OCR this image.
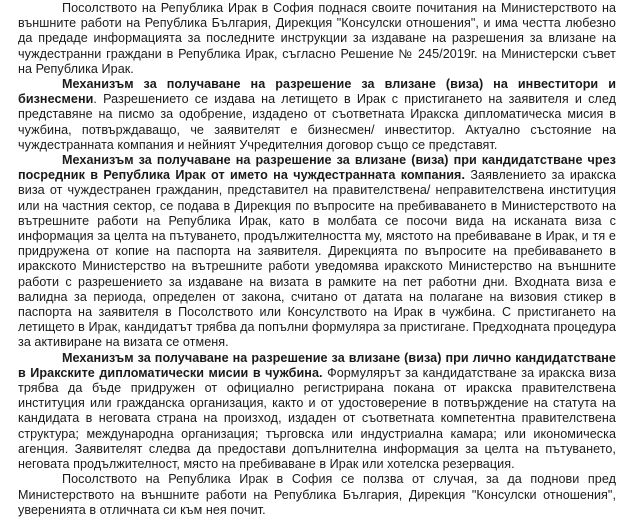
Посолството на Република Ирак в София поднася своите почитания на Министерството на външните работи на Република България, Дирекция "Консулски отношения", и има честта любезно да предаде информацията за последните инструкции за издаване на разрешения за влизане на чуждестранни граждани в Република Ирак, съгласно Решение № 245/2019г. на Министерски съвет на Република Ирак.

Механизъм за получаване на разрешение за влизане (виза) на инвеститори и бизнесмени. Разрешението се издава на летището в Ирак с пристигането на заявителя и след представяне на писмо за одобрение, издадено от съответната Иракска дипломатическа мисия в чужбина, потвърждаващо, че заявителят е бизнесмен/ инвеститор. Актуално състояние на чуждестранната компания и нейният Учредителния договор също се представят.

Механизъм за получаване на разрешение за влизане (виза) при кандидатстване чрез посредник в Република Ирак от името на чуждестранната компания. Заявлението за иракска виза от чуждестранен гражданин, представител на правителствена/ неправителствена институция или на частния сектор, се подава в Дирекция по въпросите на пребиваването в Министерството на вътрешните работи на Република Ирак, като в молбата се посочи вида на исканата виза с информация за целта на пътуването, продължителността му, мястото на пребиваване в Ирак, и тя е придружена от копие на паспорта на заявителя. Дирекцията по въпросите на пребиваването в иракското Министерство на вътрешните работи уведомява иракското Министерство на външните работи с разрешението за издаване на визата в рамките на пет работни дни. Входната виза е валидна за периода, определен от закона, считано от датата на полагане на визовия стикер в паспорта на заявителя в Посолството или Консулството на Ирак в чужбина. С пристигането на летището в Ирак, кандидатът трябва да попълни формуляра за пристигане. Предходната процедура за активиране на визата се отменя.

Механизъм за получаване на разрешение за влизане (виза) при лично кандидатстване в Иракските дипломатически мисии в чужбина. Формулярът за кандидатстване за иракска виза трябва да бъде придружен от официално регистрирана покана от иракска правителствена институция или гражданска организация, както и от удостоверение в потвърждение на статута на кандидата в неговата страна на произход, издаден от съответната компетентна правителствена структура; международна организация; търговска или индустриална камара; или икономическа агенция. Заявителят следва да предостави допълнителна информация за целта на пътуването, неговата продължителност, място на пребиваване в Ирак или хотелска резервация.

Посолството на Република Ирак в София се ползва от случая, за да поднови пред Министерството на външните работи на Република България, Дирекция "Консулски отношения", уверенията в отличната си към нея почит.
